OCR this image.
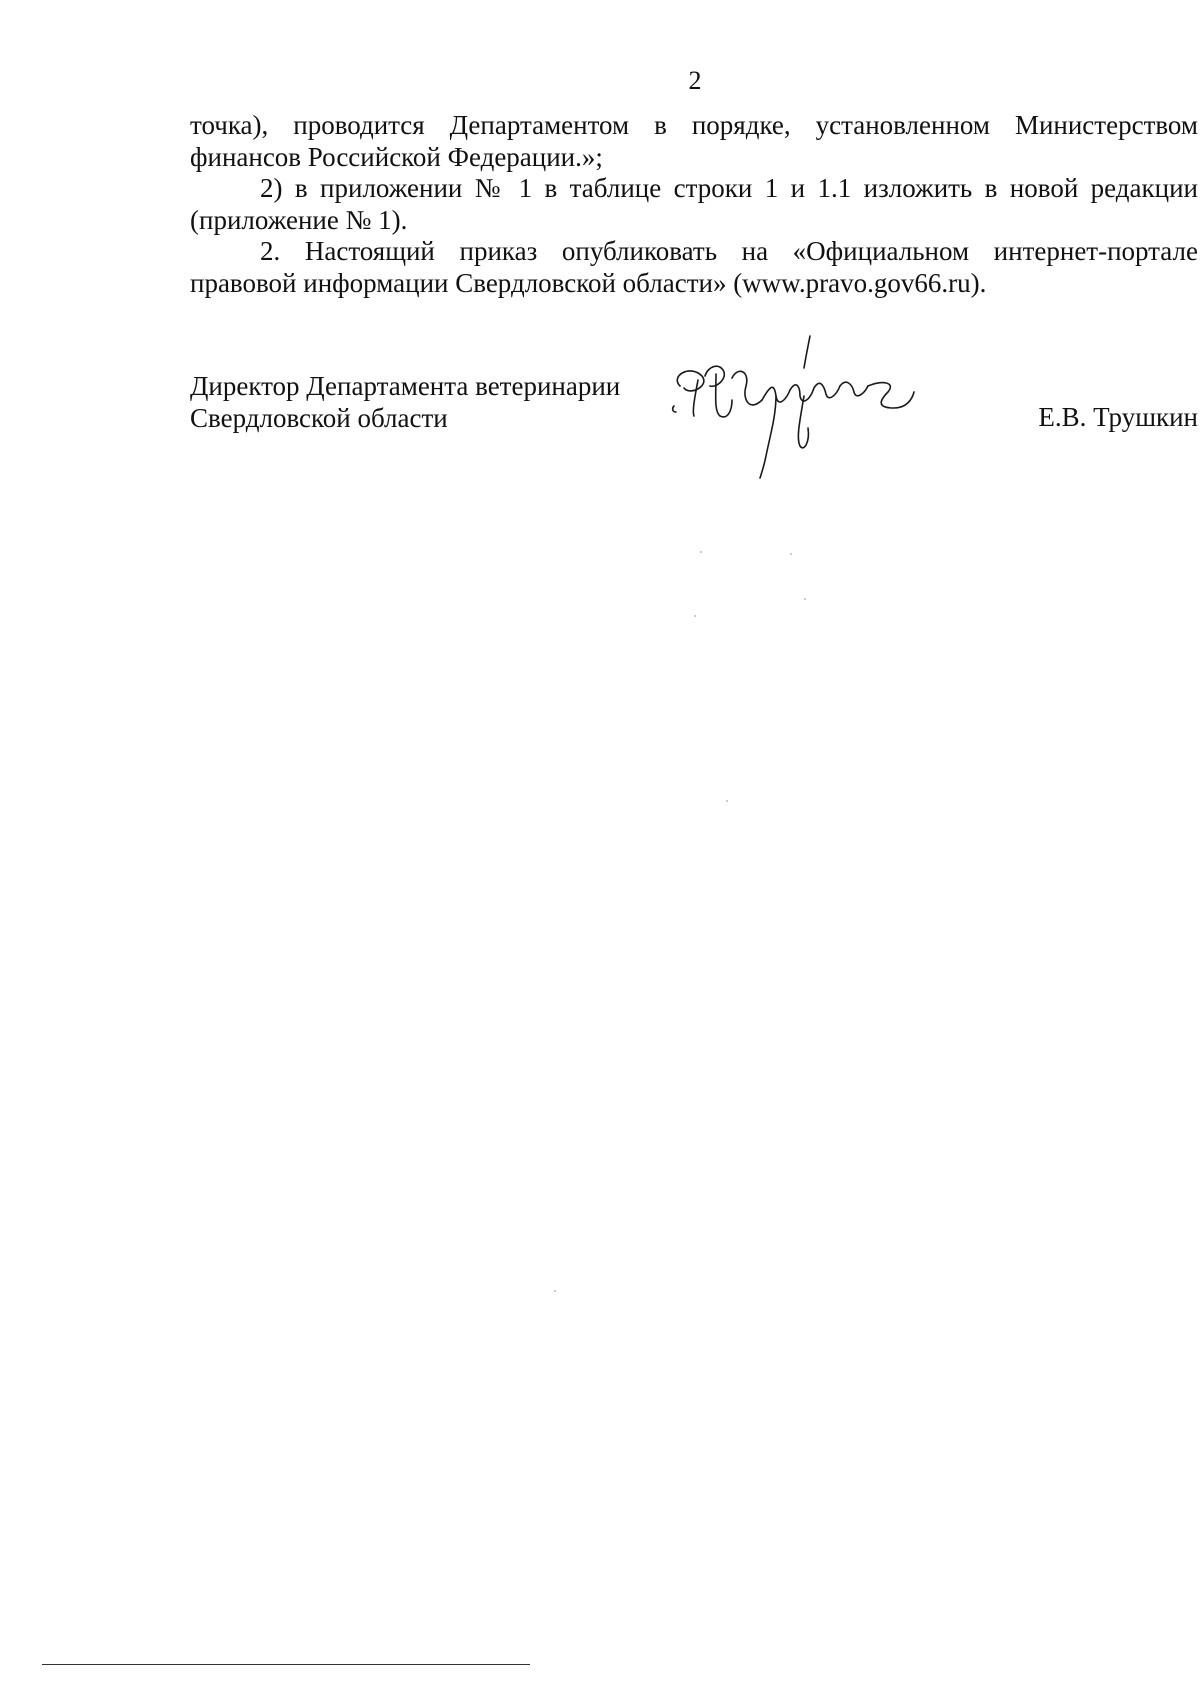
2

точка), проводится Департаментом в порядке, установленном Министерством
финансов Российской Федерации.»;

2) в приложении № 1 в таблице строки 1 и 1.1 изложить в новой редакции

(приложение № 1).

2. Настоящий приказ опубликовать на «Официальном интернет-портале

правовой информации Свердловской области» (www.pravo.gov66.ru).

Директор Департамента ветеринарии
Свердловской области	Е.В. Трушкин
